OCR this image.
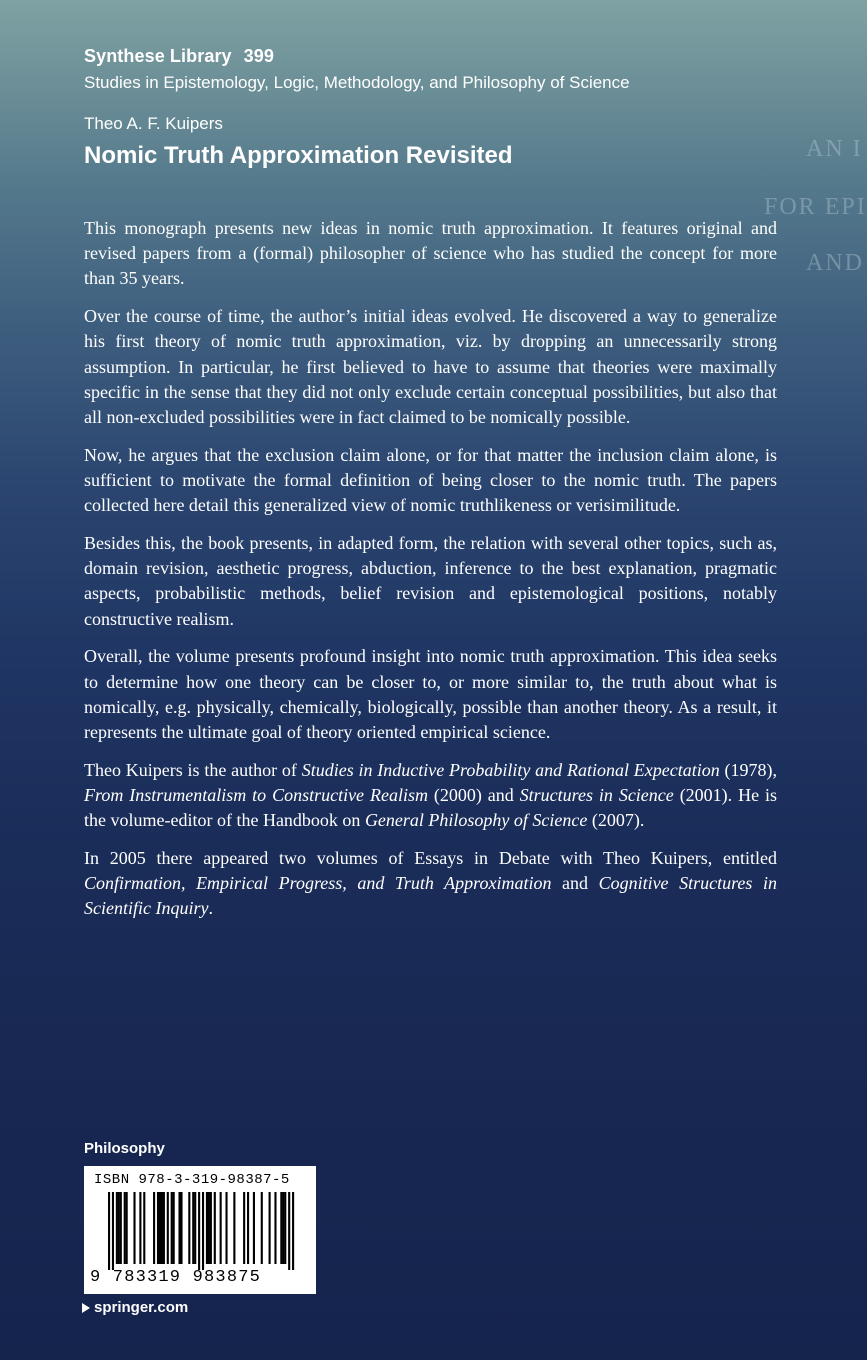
Synthese Library 399
Studies in Epistemology, Logic, Methodology, and Philosophy of Science
Theo A. F. Kuipers
Nomic Truth Approximation Revisited	AN I
FOR EPI
AND

This monograph presents new ideas in nomic truth approximation. It features original and revised papers from a (formal) philosopher of science who has studied the concept for more than 35 years.

Over the course of time, the author’s initial ideas evolved. He discovered a way to generalize his first theory of nomic truth approximation, viz. by dropping an unnecessarily strong assumption. In particular, he first believed to have to assume that theories were maximally specific in the sense that they did not only exclude certain conceptual possibilities, but also that all non-excluded possibilities were in fact claimed to be nomically possible.

Now, he argues that the exclusion claim alone, or for that matter the inclusion claim alone, is sufficient to motivate the formal definition of being closer to the nomic truth. The papers collected here detail this generalized view of nomic truthlikeness or verisimilitude.

Besides this, the book presents, in adapted form, the relation with several other topics, such as, domain revision, aesthetic progress, abduction, inference to the best explanation, pragmatic aspects, probabilistic methods, belief revision and epistemological positions, notably constructive realism.

Overall, the volume presents profound insight into nomic truth approximation. This idea seeks to determine how one theory can be closer to, or more similar to, the truth about what is nomically, e.g. physically, chemically, biologically, possible than another theory. As a result, it represents the ultimate goal of theory oriented empirical science.

Theo Kuipers is the author of Studies in Inductive Probability and Rational Expectation (1978), From Instrumentalism to Constructive Realism (2000) and Structures in Science (2001). He is the volume-editor of the Handbook on General Philosophy of Science (2007).

In 2005 there appeared two volumes of Essays in Debate with Theo Kuipers, entitled Confirmation, Empirical Progress, and Truth Approximation and Cognitive Structures in Scientific Inquiry.

Philosophy
ISBN 978-3-319-98387-5
9 783319 983875
springer.com
